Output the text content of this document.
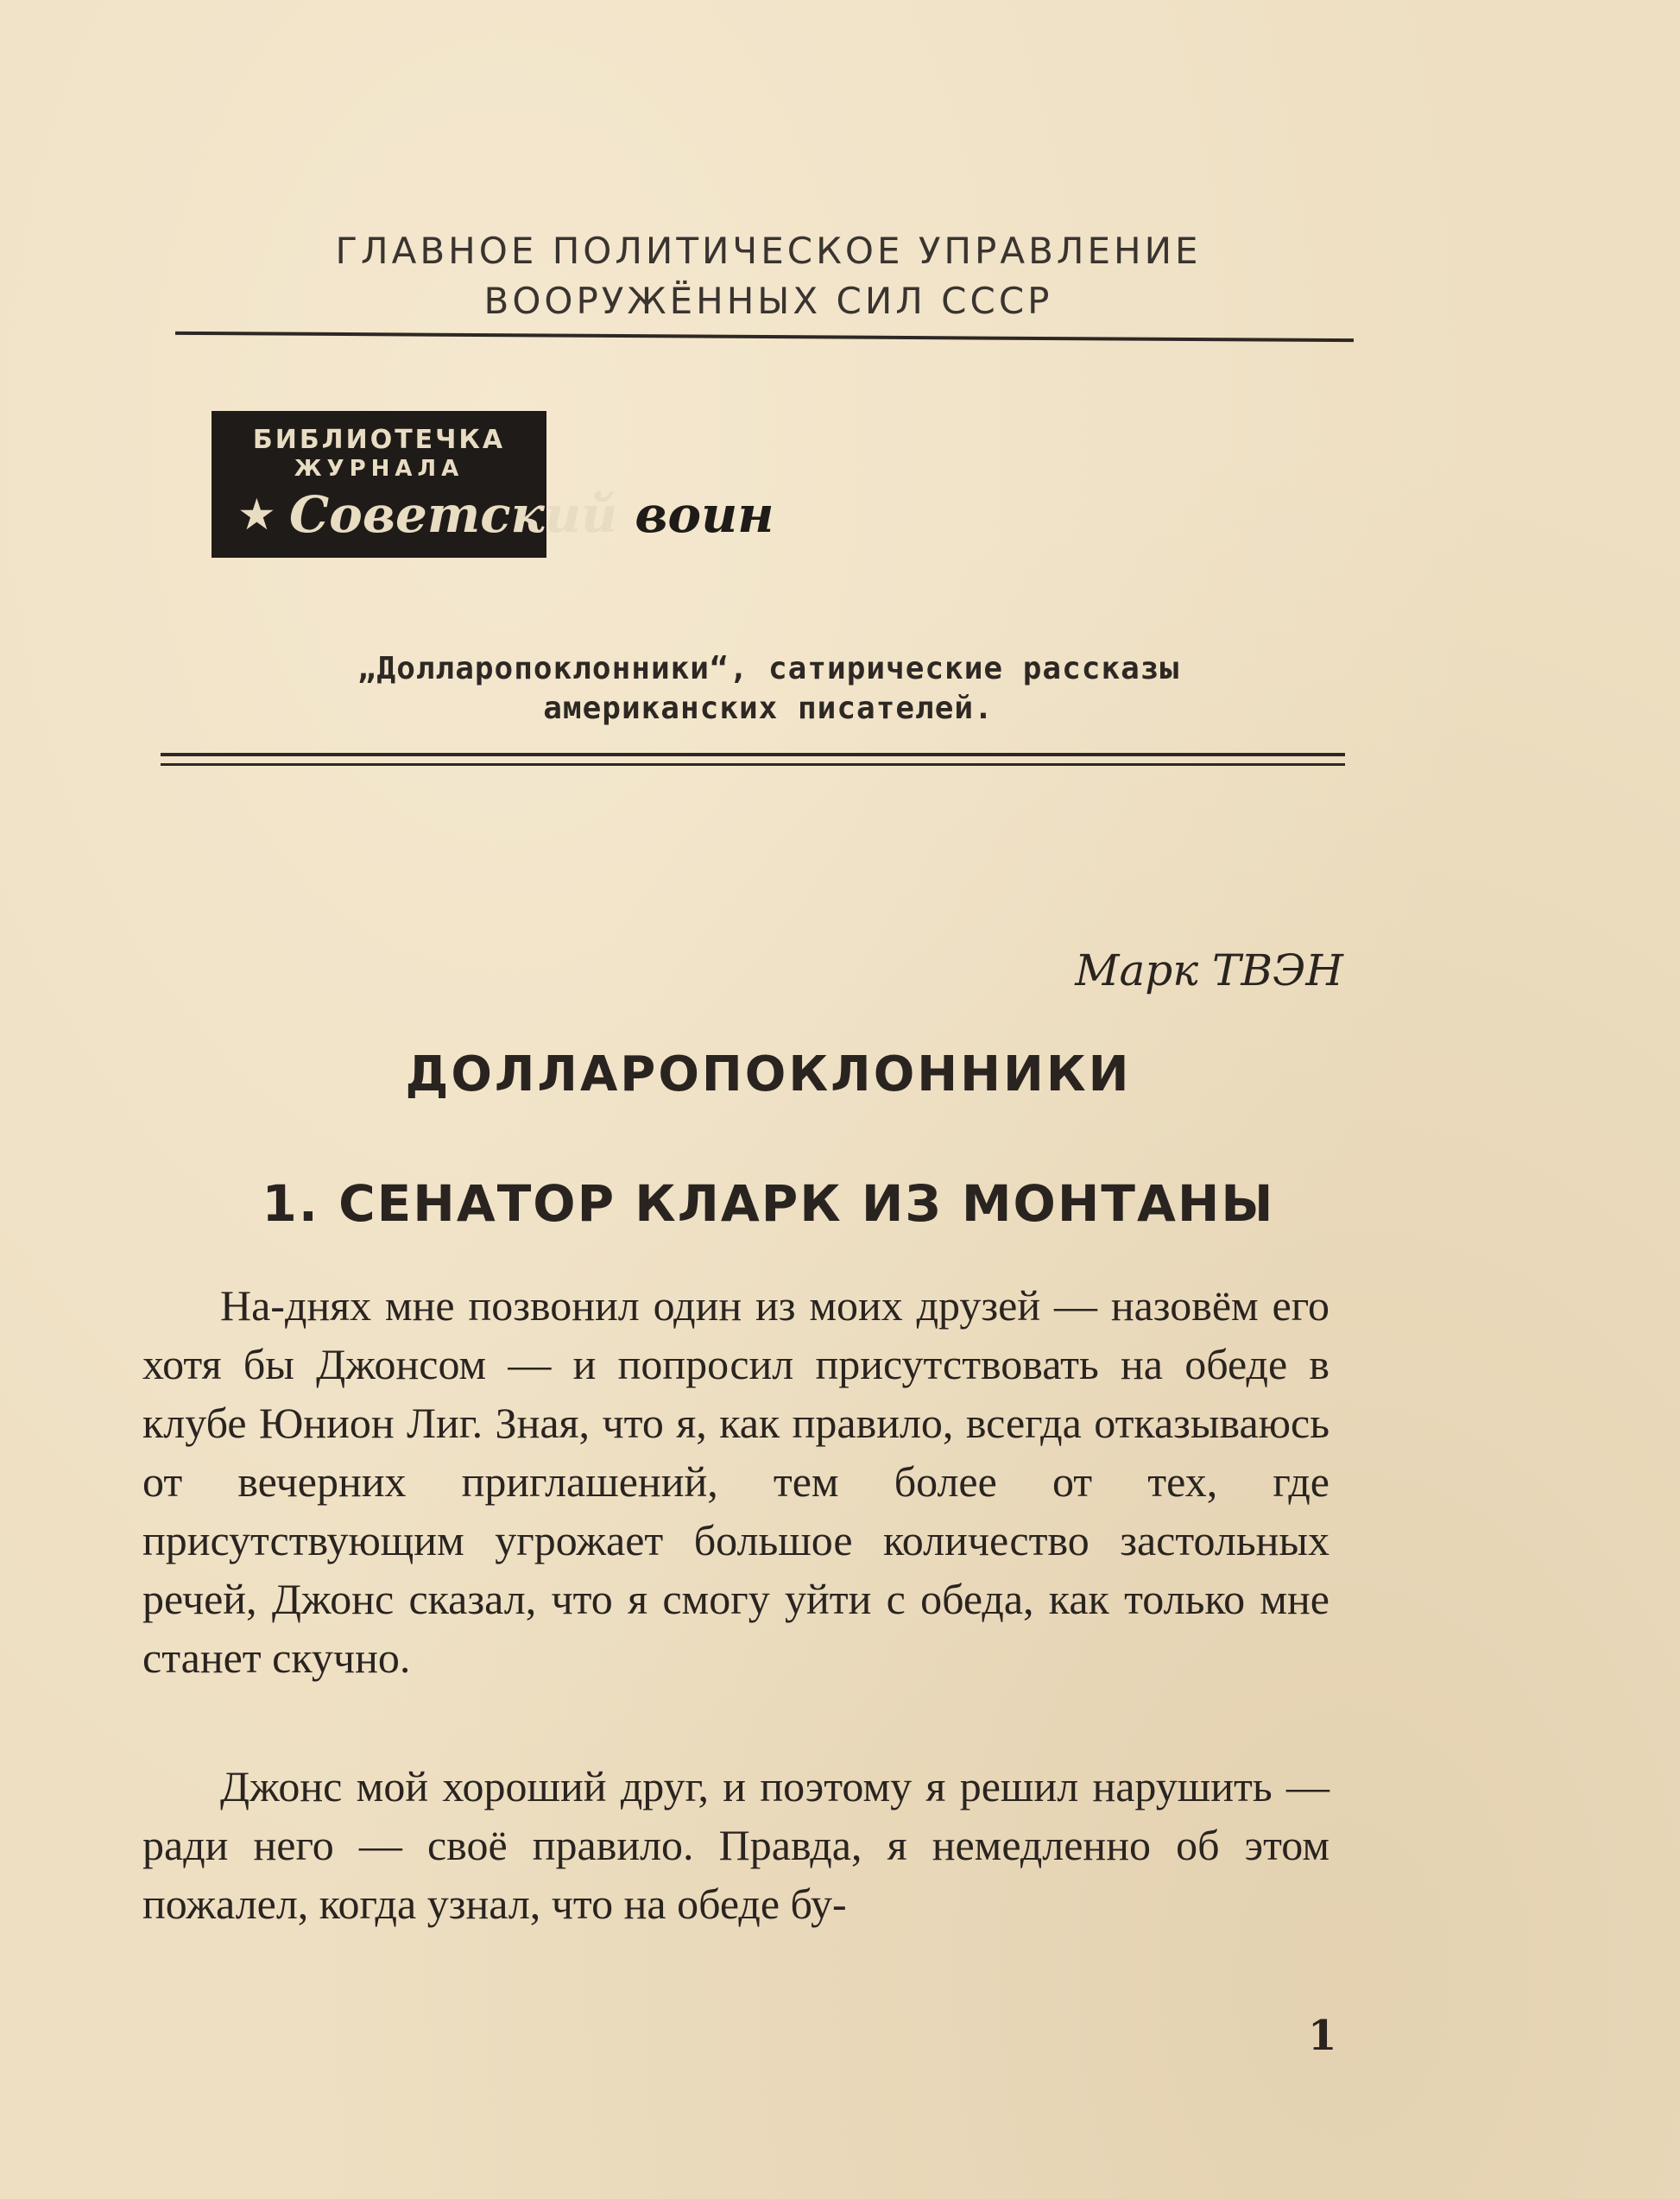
ГЛАВНОЕ ПОЛИТИЧЕСКОЕ УПРАВЛЕНИЕ
ВООРУЖЁННЫХ СИЛ СССР
БИБЛИОТЕЧКА
ЖУРНАЛА
★ Советский воин
„Долларопоклонники“, сатирические рассказы
американских писателей.
Марк ТВЭН
ДОЛЛАРОПОКЛОННИКИ
1. СЕНАТОР КЛАРК ИЗ МОНТАНЫ

На-днях мне позвонил один из моих друзей — назовём его хотя бы Джонсом — и попросил присутствовать на обеде в клубе Юнион Лиг. Зная, что я, как правило, всегда отказываюсь от вечерних приглашений, тем более от тех, где присутствующим угрожает большое количество застольных речей, Джонс сказал, что я смогу уйти с обеда, как только мне станет скучно.

Джонс мой хороший друг, и поэтому я решил нарушить — ради него — своё правило. Правда, я немедленно об этом пожалел, когда узнал, что на обеде бу-

1
